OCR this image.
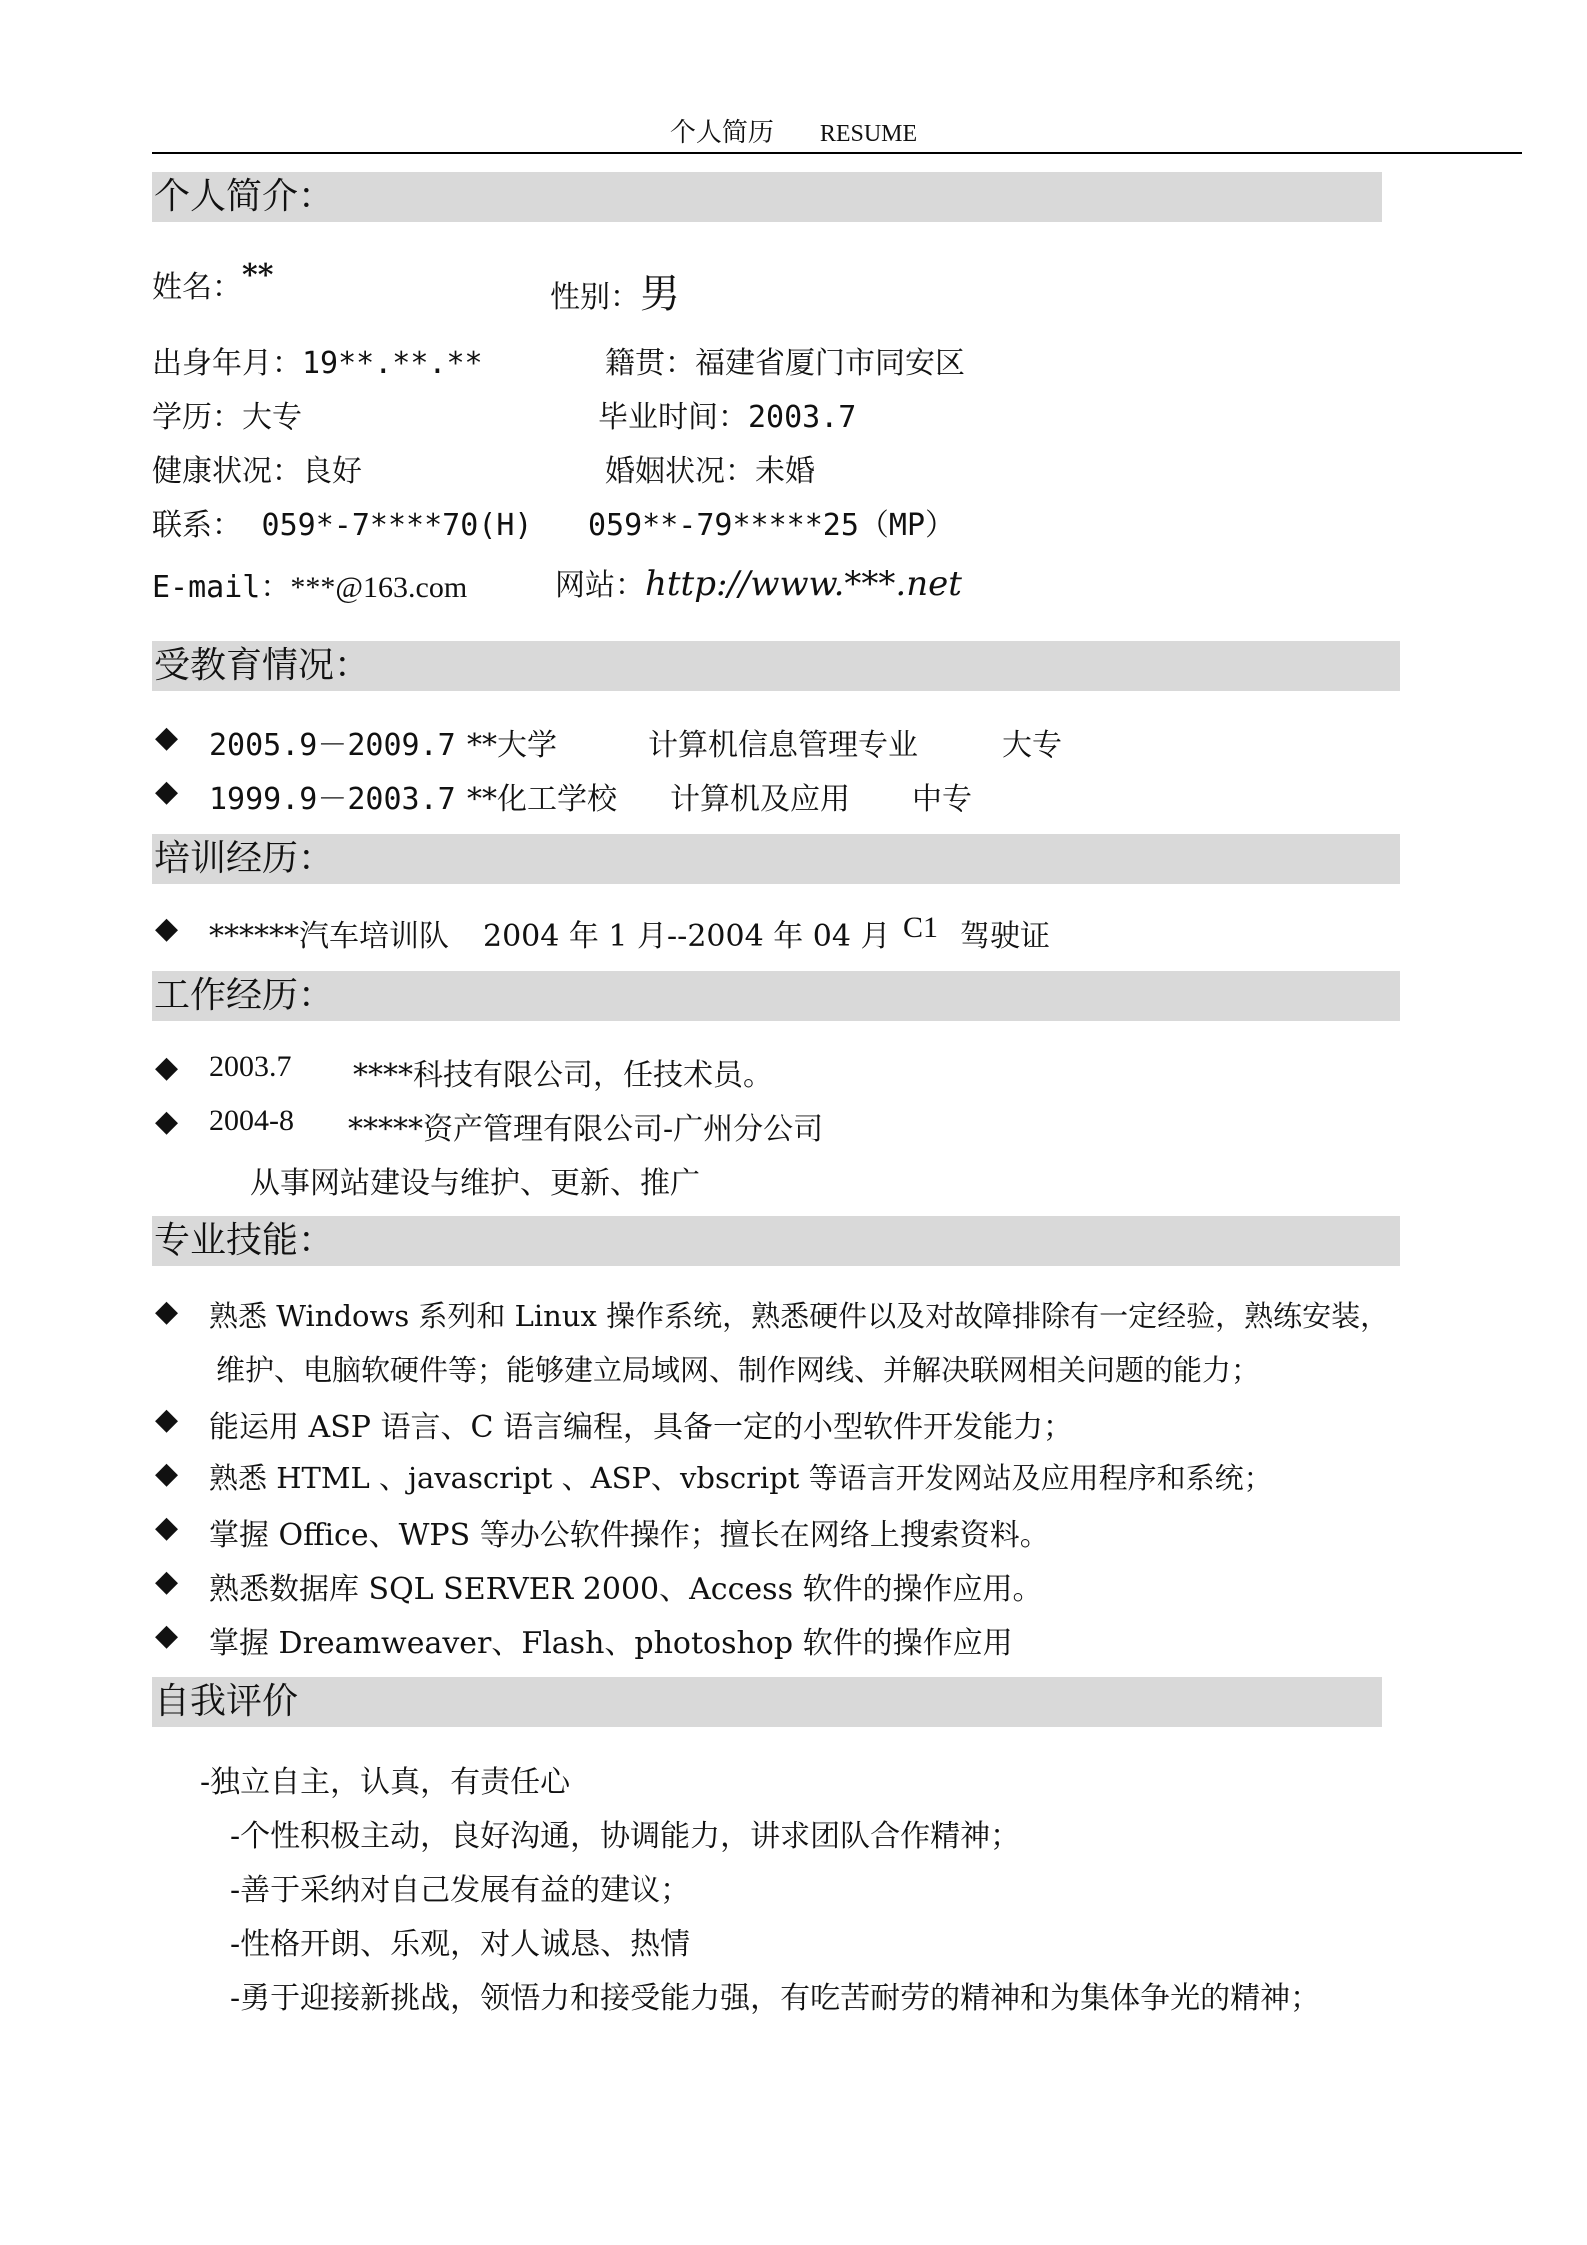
个人简历 RESUME
个人简介：
姓名：**
性别：男
出身年月：19**.**.**	籍贯：福建省厦门市同安区
学历：大专	毕业时间：2003.7
健康状况：良好	婚姻状况：未婚
联系： 059*-7****70(H) 059**-79*****25（MP）
E-mail：***@163.com	网站：http://www.***.net
受教育情况：
◆ 2005.9－2009.7 **大学	计算机信息管理专业	大专
◆ 1999.9－2003.7 **化工学校 计算机及应用 中专
培训经历：
◆ ******汽车培训队 2004 年 1 月--2004 年 04 月 C1 驾驶证
工作经历：
◆ 2003.7 ****科技有限公司，任技术员。
◆ 2004-8 *****资产管理有限公司-广州分公司
从事网站建设与维护、更新、推广
专业技能：
◆ 熟悉 Windows 系列和 Linux 操作系统，熟悉硬件以及对故障排除有一定经验，熟练安装，
维护、电脑软硬件等；能够建立局域网、制作网线、并解决联网相关问题的能力；
◆ 能运用 ASP 语言、C 语言编程，具备一定的小型软件开发能力；
◆ 熟悉 HTML 、javascript 、ASP、vbscript 等语言开发网站及应用程序和系统；
◆ 掌握 Office、WPS 等办公软件操作；擅长在网络上搜索资料。
◆ 熟悉数据库 SQL SERVER 2000、Access 软件的操作应用。
◆ 掌握 Dreamweaver、Flash、photoshop 软件的操作应用
自我评价
-独立自主，认真，有责任心
-个性积极主动，良好沟通，协调能力，讲求团队合作精神；
-善于采纳对自己发展有益的建议；
-性格开朗、乐观，对人诚恳、热情
-勇于迎接新挑战，领悟力和接受能力强，有吃苦耐劳的精神和为集体争光的精神；
